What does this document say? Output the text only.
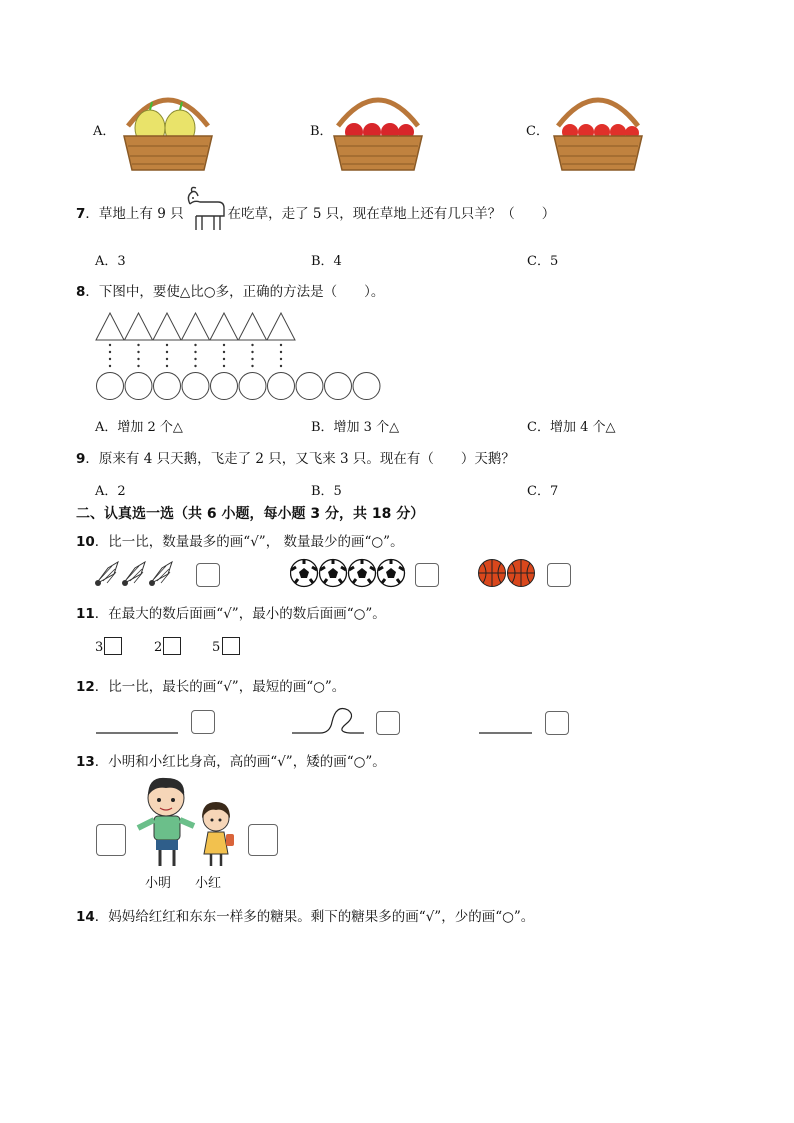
A．	B．	C．
7．草地上有 9 只	在吃草，走了 5 只，现在草地上还有几只羊？（　　）
A．3	B．4	C．5
8．下图中，要使△比○多，正确的方法是（　　）。
A．增加 2 个△	B．增加 3 个△	C．增加 4 个△
9．原来有 4 只天鹅，飞走了 2 只，又飞来 3 只。现在有（　　）天鹅？
A．2	B．5	C．7
二、认真选一选（共 6 小题，每小题 3 分，共 18 分）
10．比一比，数量最多的画“√”， 数量最少的画“○”。
11．在最大的数后面画“√”，最小的数后面画“○”。
3	2	5
12．比一比，最长的画“√”，最短的画“○”。
13．小明和小红比身高，高的画“√”，矮的画“○”。
小明 小红
14．妈妈给红红和东东一样多的糖果。剩下的糖果多的画“√”，少的画“○”。
